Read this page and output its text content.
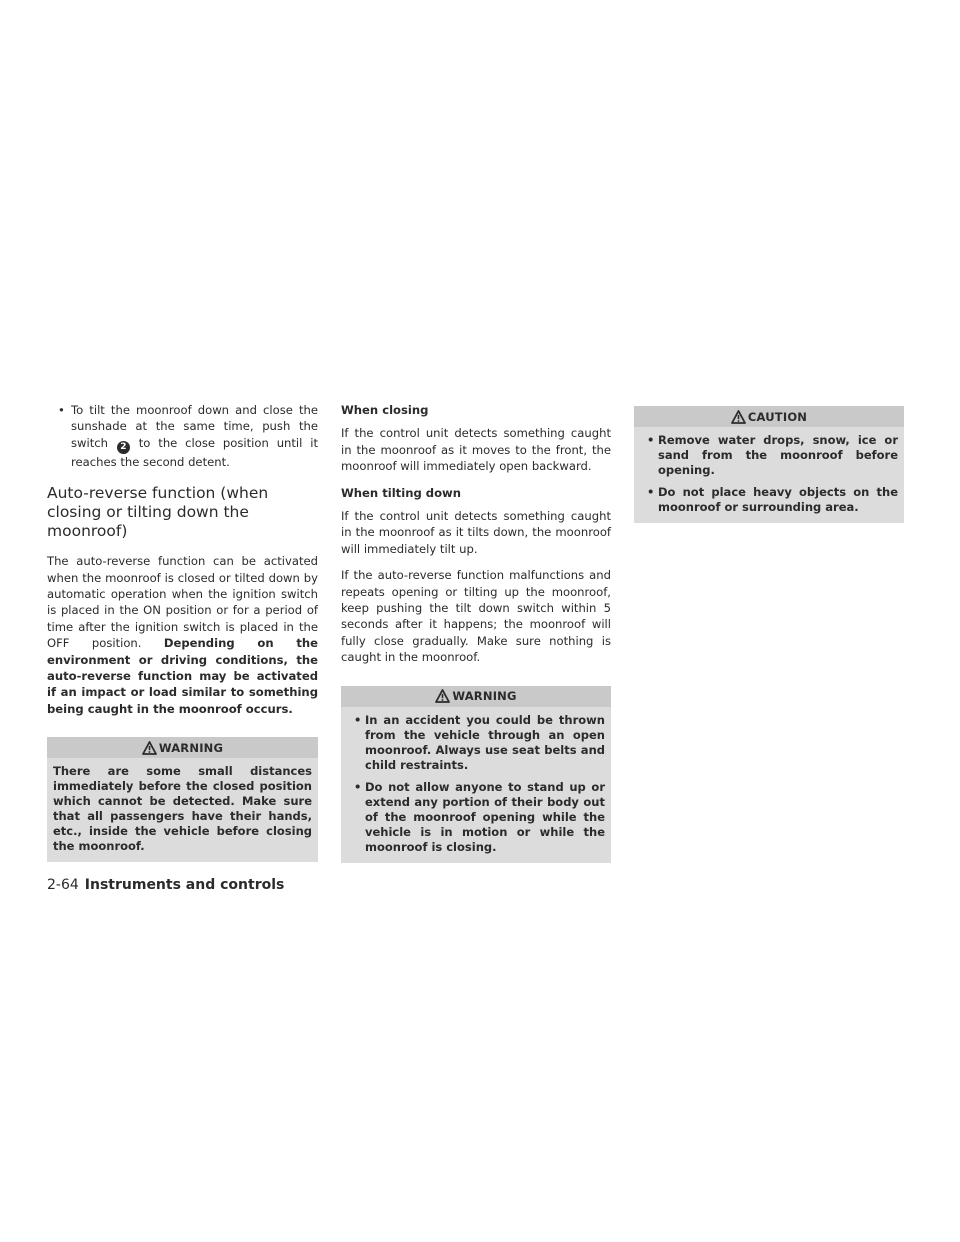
• To tilt the moonroof down and close the sunshade at the same time, push the switch 2 to the close position until it reaches the second detent.

Auto-reverse function (when closing or tilting down the moonroof)

The auto-reverse function can be activated when the moonroof is closed or tilted down by automatic operation when the ignition switch is placed in the ON position or for a period of time after the ignition switch is placed in the OFF position. Depending on the environment or driving conditions, the auto-reverse function may be activated if an impact or load similar to something being caught in the moonroof occurs.

WARNING

There are some small distances immediately before the closed position which cannot be detected. Make sure that all passengers have their hands, etc., inside the vehicle before closing the moonroof.

When closing

If the control unit detects something caught in the moonroof as it moves to the front, the moonroof will immediately open backward.

When tilting down

If the control unit detects something caught in the moonroof as it tilts down, the moonroof will immediately tilt up.

If the auto-reverse function malfunctions and repeats opening or tilting up the moonroof, keep pushing the tilt down switch within 5 seconds after it happens; the moonroof will fully close gradually. Make sure nothing is caught in the moonroof.

WARNING

• In an accident you could be thrown from the vehicle through an open moonroof. Always use seat belts and child restraints.

• Do not allow anyone to stand up or extend any portion of their body out of the moonroof opening while the vehicle is in motion or while the moonroof is closing.

CAUTION

• Remove water drops, snow, ice or sand from the moonroof before opening.

• Do not place heavy objects on the moonroof or surrounding area.

2-64 Instruments and controls
